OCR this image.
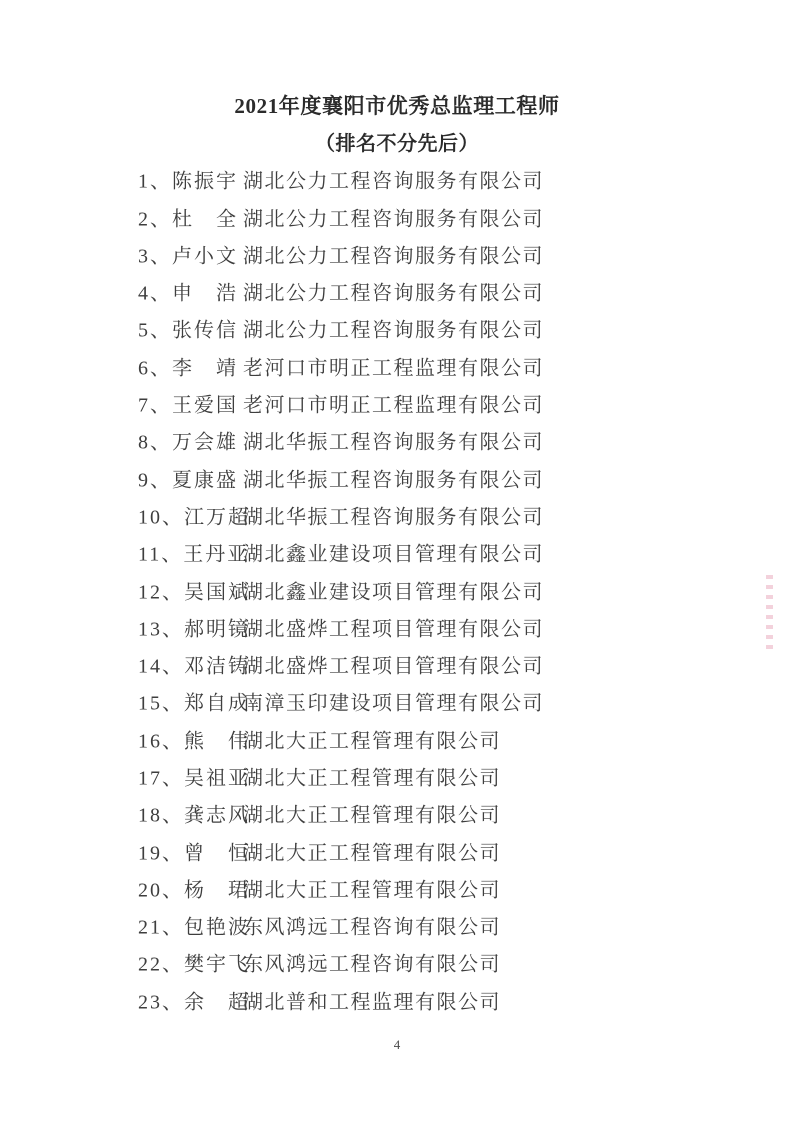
2021年度襄阳市优秀总监理工程师
（排名不分先后）

1、陈振宇
湖北公力工程咨询服务有限公司

2、杜　全
湖北公力工程咨询服务有限公司

3、卢小文
湖北公力工程咨询服务有限公司

4、申　浩
湖北公力工程咨询服务有限公司

5、张传信
湖北公力工程咨询服务有限公司

6、李　靖
老河口市明正工程监理有限公司

7、王爱国
老河口市明正工程监理有限公司

8、万会雄
湖北华振工程咨询服务有限公司

9、夏康盛
湖北华振工程咨询服务有限公司

10、江万超

湖北华振工程咨询服务有限公司

11、王丹亚

湖北鑫业建设项目管理有限公司

12、吴国斌

湖北鑫业建设项目管理有限公司

13、郝明镜

湖北盛烨工程项目管理有限公司

14、邓洁铸

湖北盛烨工程项目管理有限公司

15、郑自成

南漳玉印建设项目管理有限公司

16、熊　伟

湖北大正工程管理有限公司

17、吴祖亚

湖北大正工程管理有限公司

18、龚志风

湖北大正工程管理有限公司

19、曾　恒

湖北大正工程管理有限公司

20、杨　珺

湖北大正工程管理有限公司

21、包艳波

东风鸿远工程咨询有限公司

22、樊宇飞

东风鸿远工程咨询有限公司

23、余　超

湖北普和工程监理有限公司
4
